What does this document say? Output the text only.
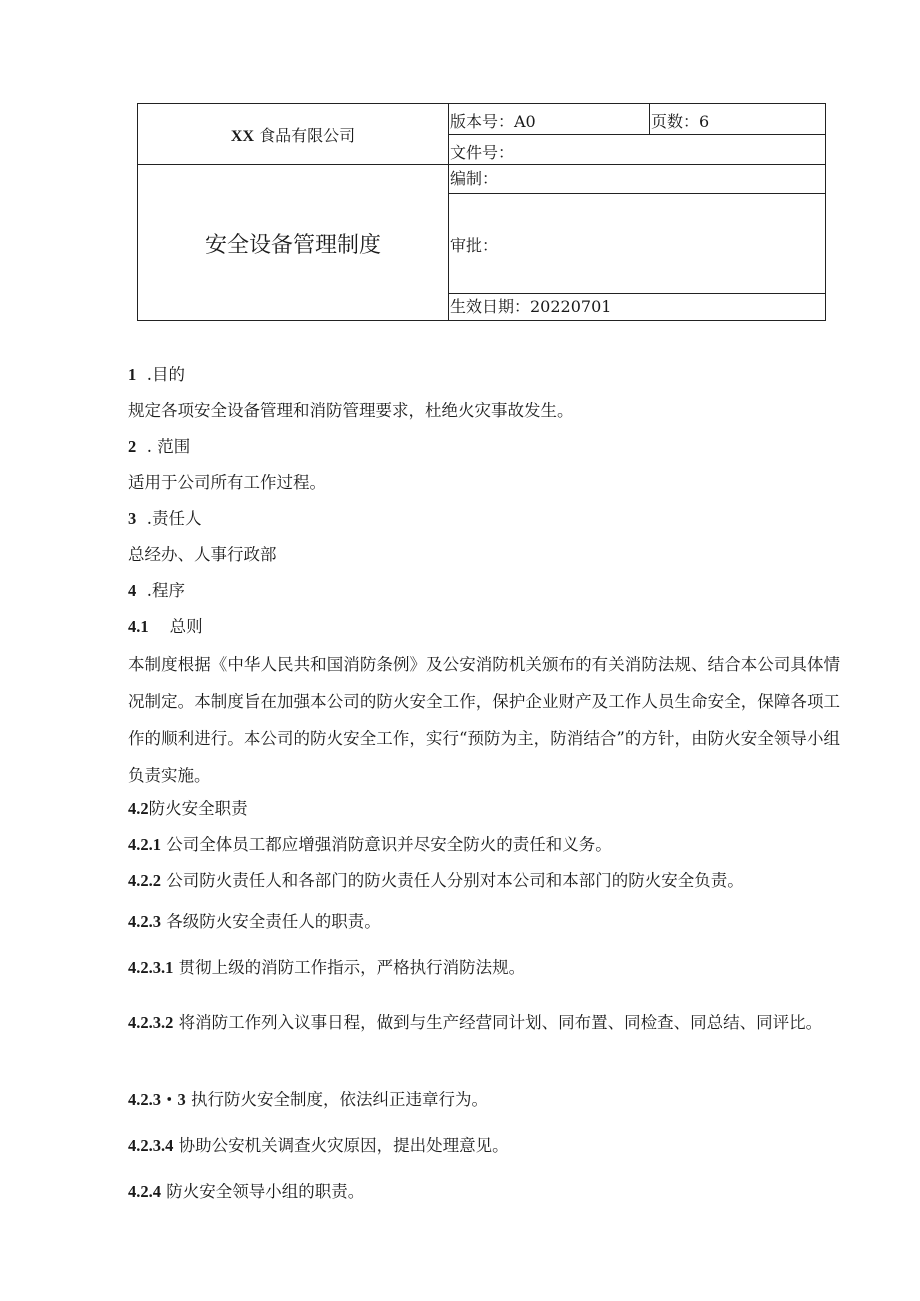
XX 食品有限公司
安全设备管理制度
版本号：A0	页数：6
文件号：
编制：
审批：
生效日期：20220701
1 .目的
规定各项安全设备管理和消防管理要求，杜绝火灾事故发生。
2 . 范围
适用于公司所有工作过程。
3 .责任人
总经办、人事行政部
4 .程序
4.1 总则
本制度根据《中华人民共和国消防条例》及公安消防机关颁布的有关消防法规、结合本公司具体情况制定。本制度旨在加强本公司的防火安全工作，保护企业财产及工作人员生命安全，保障各项工作的顺利进行。本公司的防火安全工作，实行“预防为主，防消结合”的方针，由防火安全领导小组负责实施。
4.2防火安全职责
4.2.1 公司全体员工都应增强消防意识并尽安全防火的责任和义务。
4.2.2 公司防火责任人和各部门的防火责任人分别对本公司和本部门的防火安全负责。
4.2.3 各级防火安全责任人的职责。
4.2.3.1 贯彻上级的消防工作指示，严格执行消防法规。
4.2.3.2 将消防工作列入议事日程，做到与生产经营同计划、同布置、同检查、同总结、同评比。
4.2.3・3 执行防火安全制度，依法纠正违章行为。
4.2.3.4 协助公安机关调查火灾原因，提出处理意见。
4.2.4 防火安全领导小组的职责。
